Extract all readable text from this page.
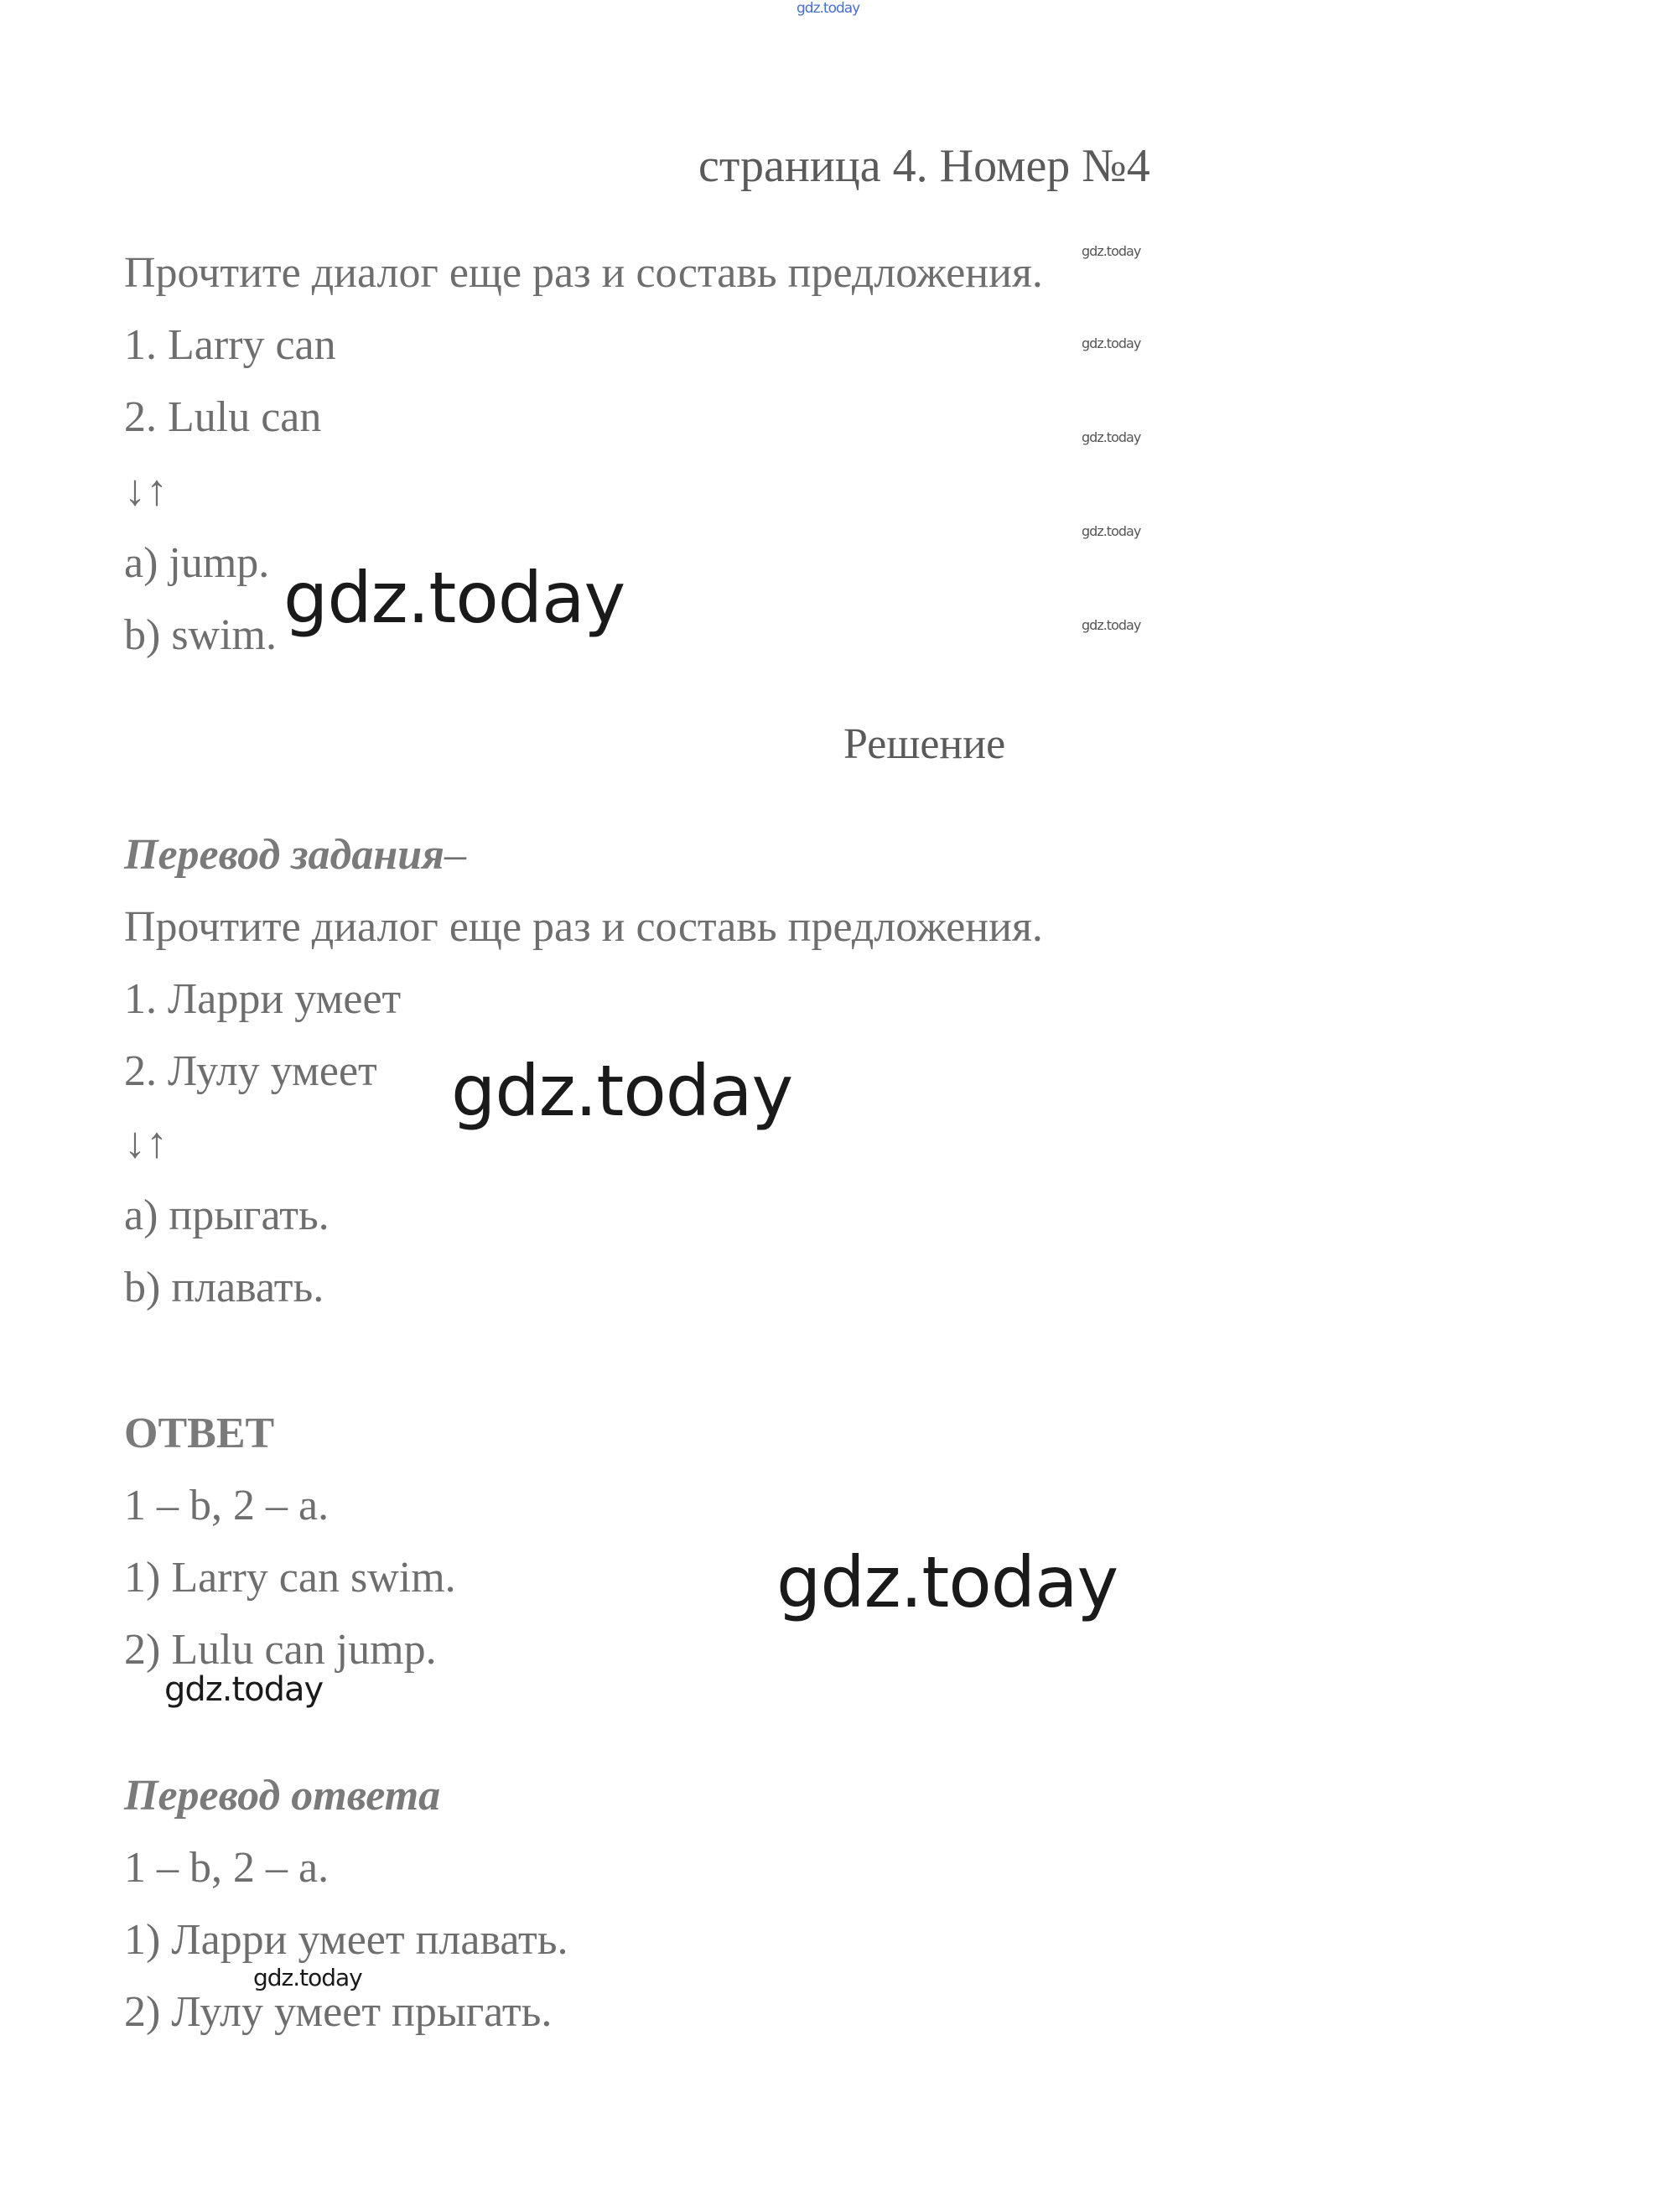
gdz.today
страница 4. Номер №4
gdz.today
Прочтите диалог еще раз и составь предложения.
1. Larry can	gdz.today
2. Lulu can	gdz.today
↓↑
gdz.today
a) jump.
b) swim.	gdz.today
gdz.today
Решение
Перевод задания–
Прочтите диалог еще раз и составь предложения.
1. Ларри умеет
2. Лулу умеет
↓↑
a) прыгать.
b) плавать.
gdz.today
ОТВЕТ
1 – b, 2 – a.
1) Larry can swim.
2) Lulu can jump.
gdz.today
gdz.today
Перевод ответа
1 – b, 2 – a.
1) Ларри умеет плавать.
gdz.today
2) Лулу умеет прыгать.
